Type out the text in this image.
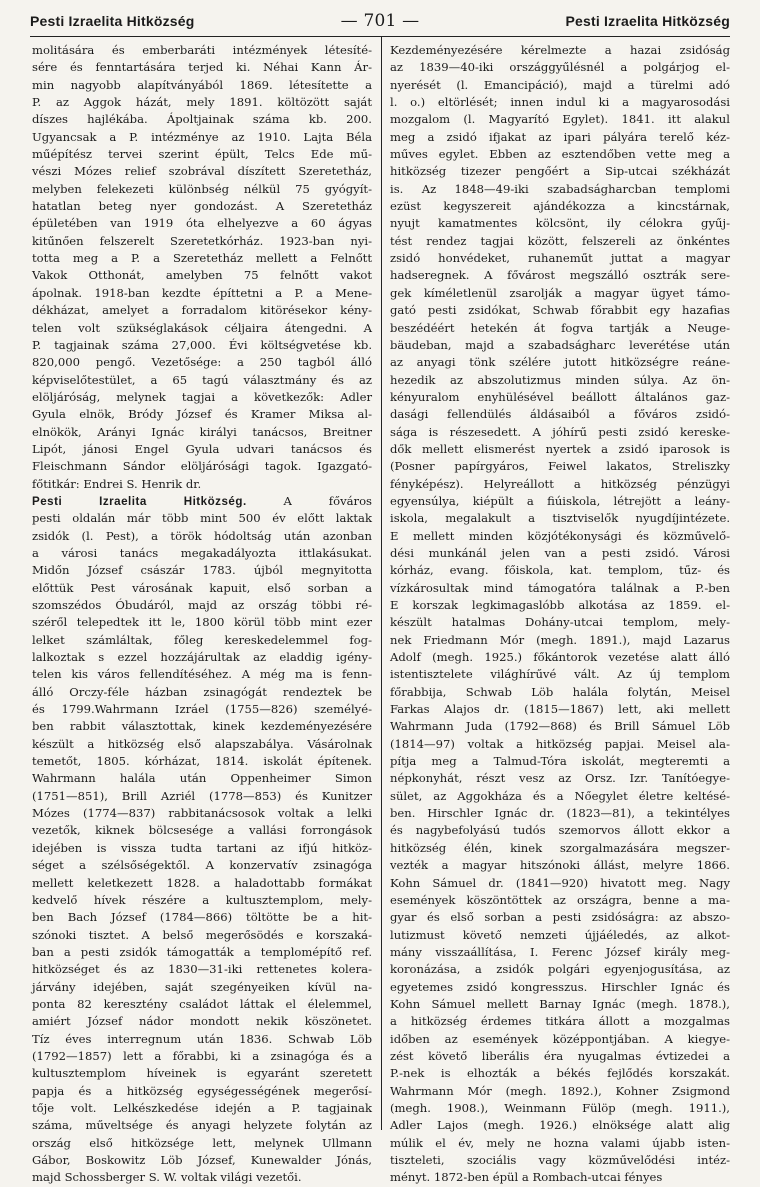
Pesti Izraelita Hitközség	— 701 —	Pesti Izraelita Hitközség
molitására és emberbaráti intézmények létesíté-
sére és fenntartására terjed ki. Néhai Kann Ár-
min nagyobb alapítványából 1869. létesítette a
P. az Aggok házát, mely 1891. költözött saját
díszes hajlékába. Ápoltjainak száma kb. 200.
Ugyancsak a P. intézménye az 1910. Lajta Béla
műépítész tervei szerint épült, Telcs Ede mű-
vészi Mózes relief szobrával díszített Szeretetház,
melyben felekezeti különbség nélkül 75 gyógyít-
hatatlan beteg nyer gondozást. A Szeretetház
épületében van 1919 óta elhelyezve a 60 ágyas
kitűnően felszerelt Szeretetkórház. 1923-ban nyi-
totta meg a P. a Szeretetház mellett a Felnőtt
Vakok Otthonát, amelyben 75 felnőtt vakot
ápolnak. 1918-ban kezdte építtetni a P. a Mene-
dékházat, amelyet a forradalom kitörésekor kény-
telen volt szükséglakások céljaira átengedni. A
P. tagjainak száma 27,000. Évi költségvetése kb.
820,000 pengő. Vezetősége: a 250 tagból álló
képviselőtestület, a 65 tagú választmány és az
elöljáróság, melynek tagjai a következők: Adler
Gyula elnök, Bródy József és Kramer Miksa al-
elnökök, Arányi Ignác királyi tanácsos, Breitner
Lipót, jánosi Engel Gyula udvari tanácsos és
Fleischmann Sándor elöljárósági tagok. Igazgató-
főtitkár: Endrei S. Henrik dr.
Pesti Izraelita Hitközség. A főváros
pesti oldalán már több mint 500 év előtt laktak
zsidók (l. Pest), a török hódoltság után azonban
a városi tanács megakadályozta ittlakásukat.
Midőn József császár 1783. újból megnyitotta
előttük Pest városának kapuit, első sorban a
szomszédos Óbudáról, majd az ország többi ré-
széről telepedtek itt le, 1800 körül több mint ezer
lelket számláltak, főleg kereskedelemmel fog-
lalkoztak s ezzel hozzájárultak az eladdig igény-
telen kis város fellendítéséhez. A még ma is fenn-
álló Orczy-féle házban zsinagógát rendeztek be
és 1799.Wahrmann Izráel (1755—826) személyé-
ben rabbit választottak, kinek kezdeményezésére
készült a hitközség első alapszabálya. Vásárolnak
temetőt, 1805. kórházat, 1814. iskolát építenek.
Wahrmann halála után Oppenheimer Simon
(1751—851), Brill Azriél (1778—853) és Kunitzer
Mózes (1774—837) rabbitanácsosok voltak a lelki
vezetők, kiknek bölcsesége a vallási forrongások
idejében is vissza tudta tartani az ifjú hitköz-
séget a szélsőségektől. A konzervatív zsinagóga
mellett keletkezett 1828. a haladottabb formákat
kedvelő hívek részére a kultusztemplom, mely-
ben Bach József (1784—866) töltötte be a hit-
szónoki tisztet. A belső megerősödés e korszaká-
ban a pesti zsidók támogatták a templomépítő ref.
hitközséget és az 1830—31-iki rettenetes kolera-
járvány idejében, saját szegényeiken kívül na-
ponta 82 keresztény családot láttak el élelemmel,
amiért József nádor mondott nekik köszönetet.
Tíz éves interregnum után 1836. Schwab Löb
(1792—1857) lett a főrabbi, ki a zsinagóga és a
kultusztemplom híveinek is egyaránt szeretett
papja és a hitközség egységességének megerősí-
tője volt. Lelkészkedése idején a P. tagjainak
száma, műveltsége és anyagi helyzete folytán az
ország első hitközsége lett, melynek Ullmann
Gábor, Boskowitz Löb József, Kunewalder Jónás,
majd Schossberger S. W. voltak világi vezetői.
Kezdeményezésére kérelmezte a hazai zsidóság
az 1839—40-iki országgyűlésnél a polgárjog el-
nyerését (l. Emancipáció), majd a türelmi adó
l. o.) eltörlését; innen indul ki a magyarosodási
mozgalom (l. Magyarító Egylet). 1841. itt alakul
meg a zsidó ifjakat az ipari pályára terelő kéz-
műves egylet. Ebben az esztendőben vette meg a
hitközség tizezer pengőért a Sip-utcai székházát
is. Az 1848—49-iki szabadságharcban templomi
ezüst kegyszereit ajándékozza a kincstárnak,
nyujt kamatmentes kölcsönt, ily célokra gyűj-
tést rendez tagjai között, felszereli az önkéntes
zsidó honvédeket, ruhaneműt juttat a magyar
hadseregnek. A fővárost megszálló osztrák sere-
gek kíméletlenül zsarolják a magyar ügyet támo-
gató pesti zsidókat, Schwab főrabbit egy hazafias
beszédéért hetekén át fogva tartják a Neuge-
bäudeban, majd a szabadságharc leverétése után
az anyagi tönk szélére jutott hitközségre reáne-
hezedik az abszolutizmus minden súlya. Az ön-
kényuralom enyhülésével beállott általános gaz-
dasági fellendülés áldásaiból a főváros zsidó-
sága is részesedett. A jóhírű pesti zsidó kereske-
dők mellett elismerést nyertek a zsidó iparosok is
(Posner papírgyáros, Feiwel lakatos, Streliszky
fényképész). Helyreállott a hitközség pénzügyi
egyensúlya, kiépült a fiúiskola, létrejött a leány-
iskola, megalakult a tisztviselők nyugdíjintézete.
E mellett minden közjótékonysági és közművelő-
dési munkánál jelen van a pesti zsidó. Városi
kórház, evang. főiskola, kat. templom, tűz- és
vízkárosultak mind támogatóra találnak a P.-ben
E korszak legkimagaslóbb alkotása az 1859. el-
készült hatalmas Dohány-utcai templom, mely-
nek Friedmann Mór (megh. 1891.), majd Lazarus
Adolf (megh. 1925.) főkántorok vezetése alatt álló
istentisztelete világhírűvé vált. Az új templom
főrabbija, Schwab Löb halála folytán, Meisel
Farkas Alajos dr. (1815—1867) lett, aki mellett
Wahrmann Juda (1792—868) és Brill Sámuel Löb
(1814—97) voltak a hitközség papjai. Meisel ala-
pítja meg a Talmud-Tóra iskolát, megteremti a
népkonyhát, részt vesz az Orsz. Izr. Tanítóegye-
sület, az Aggokháza és a Nőegylet életre keltésé-
ben. Hirschler Ignác dr. (1823—81), a tekintélyes
és nagybefolyású tudós szemorvos állott ekkor a
hitközség élén, kinek szorgalmazására megszer-
vezték a magyar hitszónoki állást, melyre 1866.
Kohn Sámuel dr. (1841—920) hivatott meg. Nagy
események köszöntöttek az országra, benne a ma-
gyar és első sorban a pesti zsidóságra: az abszo-
lutizmust követő nemzeti újjáéledés, az alkot-
mány visszaállítása, I. Ferenc József király meg-
koronázása, a zsidók polgári egyenjogusítása, az
egyetemes zsidó kongresszus. Hirschler Ignác és
Kohn Sámuel mellett Barnay Ignác (megh. 1878.),
a hitközség érdemes titkára állott a mozgalmas
időben az események középpontjában. A kiegye-
zést követő liberális éra nyugalmas évtizedei a
P.-nek is elhozták a békés fejlődés korszakát.
Wahrmann Mór (megh. 1892.), Kohner Zsigmond
(megh. 1908.), Weinmann Fülöp (megh. 1911.),
Adler Lajos (megh. 1926.) elnöksége alatt alig
múlik el év, mely ne hozna valami újabb isten-
tiszteleti, szociális vagy közművelődési intéz-
ményt. 1872-ben épül a Rombach-utcai fényes
